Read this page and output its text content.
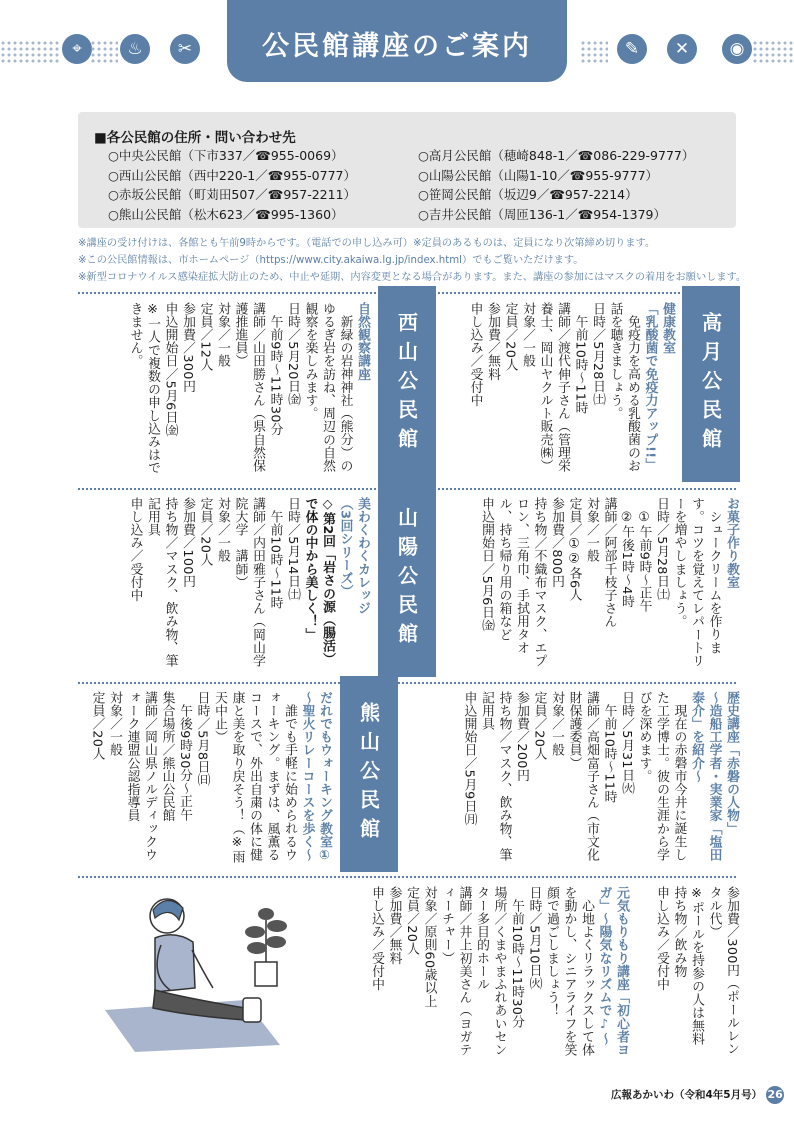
⌖	♨	✂	公民館講座のご案内	✎	✕	◉
■各公民館の住所・問い合わせ先
○中央公民館（下市337／☎955-0069）
○西山公民館（西中220-1／☎955-0777）
○赤坂公民館（町苅田507／☎957-2211）
○熊山公民館（松木623／☎995-1360）
○高月公民館（穂崎848-1／☎086-229-9777）
○山陽公民館（山陽1-10／☎955-9777）
○笹岡公民館（坂辺9／☎957-2214）
○吉井公民館（周匝136-1／☎954-1379）
※講座の受け付けは、各館とも午前9時からです。（電話での申し込み可）※定員のあるものは、定員になり次第締め切ります。
※この公民館情報は、市ホームページ（https://www.city.akaiwa.lg.jp/index.html）でもご覧いただけます。
※新型コロナウイルス感染症拡大防止のため、中止や延期、内容変更となる場合があります。また、講座の参加にはマスクの着用をお願いします。
高月公民館
西山公民館
山陽公民館
熊山公民館
健康教室
「乳酸菌で免疫力アップ!!」
免疫力を高める乳酸菌のお話を聴きましょう。
日時／5月28日㈯
　午前10時～11時
講師／渡代伸子さん（管理栄養士、岡山ヤクルト販売㈱）
対象／一般
定員／20人
参加費／無料
申し込み／受付中
自然観察講座
新緑の岩神神社（熊分）のゆるぎ岩を訪ね、周辺の自然観察を楽しみます。
日時／5月20日㈮
　午前9時～11時30分
講師／山田勝さん（県自然保護推進員）
対象／一般
定員／12人
参加費／300円
申込開始日／5月6日㈮
※一人で複数の申し込みはできません。
お菓子作り教室
シュークリームを作ります。コツを覚えてレパートリーを増やしましょう。
日時／5月28日㈯
　①午前9時～正午
　②午後1時～4時
講師／阿部千枝子さん
対象／一般
定員／①②各6人
参加費／800円
持ち物／不織布マスク、エプロン、三角巾、手拭用タオル、持ち帰り用の箱など
申込開始日／5月6日㈮
美わくわくカレッジ
（3回シリーズ）
◇第2回「岩さの源（腸活）で体の中から美しく！」
日時／5月14日㈯
　午前10時～11時
講師／内田雅子さん（岡山学院大学　講師）
対象／一般
定員／20人
参加費／100円
持ち物／マスク、飲み物、筆記用具
申し込み／受付中
歴史講座「赤磐の人物」
～造船工学者・実業家「塩田泰介」を紹介～
現在の赤磐市今井に誕生した工学博士。彼の生涯から学びを深めます。
日時／5月31日㈫
　午前10時～11時
講師／高畑富子さん（市文化財保護委員）
対象／一般
定員／20人
参加費／200円
持ち物／マスク、飲み物、筆記用具
申込開始日／5月9日㈪
だれでもウォーキング教室①
～聖火リレーコースを歩く～
誰でも手軽に始められるウォーキング。まずは、風薫るコースで、外出自粛の体に健康と美を取り戻そう！（※雨天中止）
日時／5月8日㈰
　午後9時30分～正午
集合場所／熊山公民館
講師／岡山県ノルディックウォーク連盟公認指導員
対象／一般
定員／20人
参加費／300円（ポールレンタル代）
※ポールを持参の人は無料
持ち物／飲み物
申し込み／受付中
元気もりもり講座「初心者ヨガ」～陽気なリズムで♪～
心地よくリラックスして体を動かし、シニアライフを笑顔で過ごしましょう！
日時／5月10日㈫
　午前10時～11時30分
場所／くまやまふれあいセンター多目的ホール
講師／井上初美さん（ヨガティーチャー）
対象／原則60歳以上
定員／20人
参加費／無料
申し込み／受付中
広報あかいわ（令和4年5月号） 26
